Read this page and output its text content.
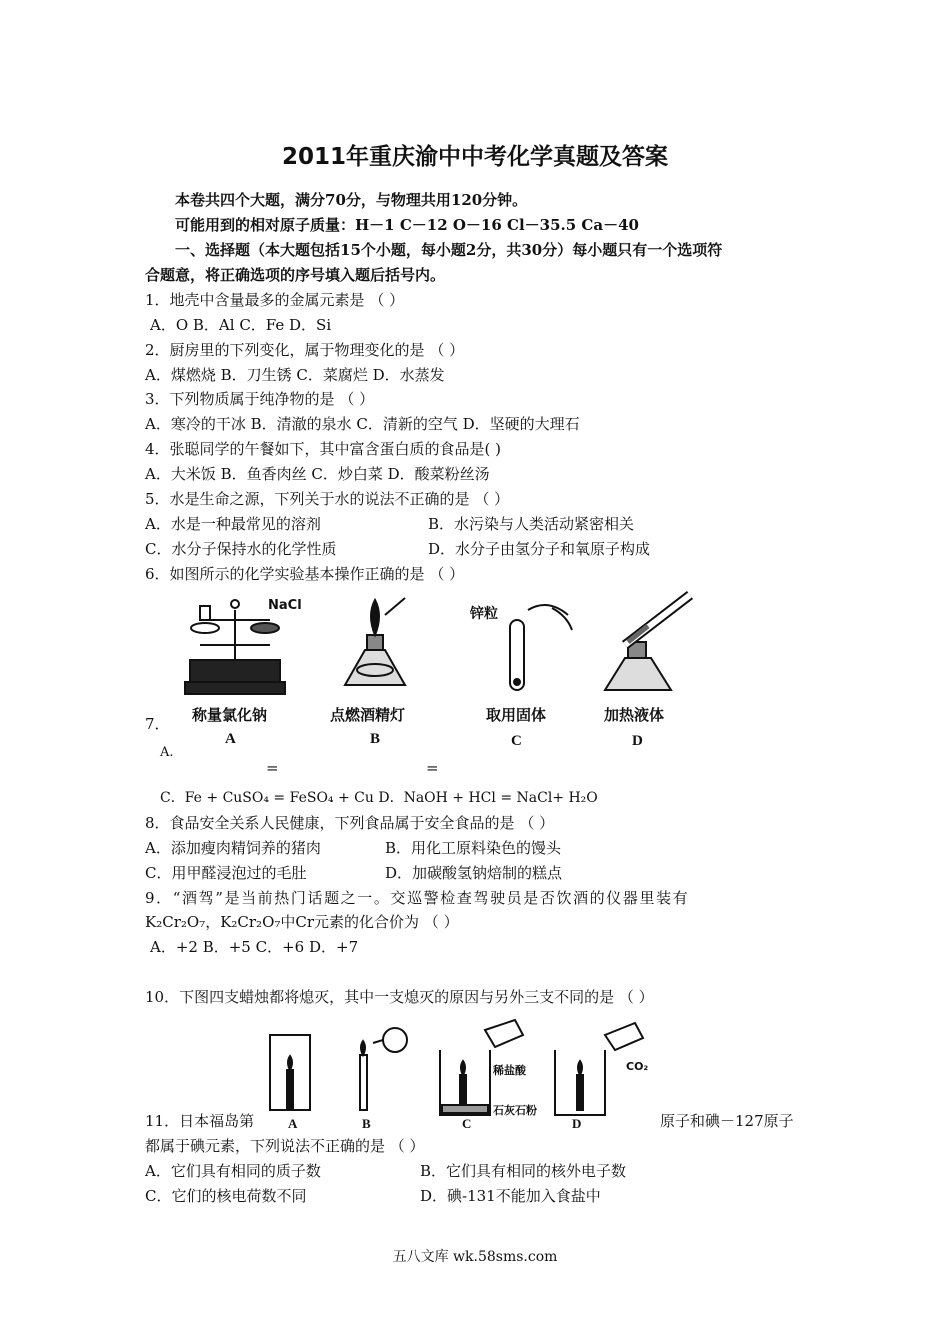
2011年重庆渝中中考化学真题及答案
本卷共四个大题，满分70分，与物理共用120分钟。
可能用到的相对原子质量：H－1 C－12 O－16 Cl－35.5 Ca－40
一、选择题（本大题包括15个小题，每小题2分，共30分）每小题只有一个选项符
合题意，将正确选项的序号填入题后括号内。
1．地壳中含量最多的金属元素是 （ ）
A．O B．Al C．Fe D．Si
2．厨房里的下列变化，属于物理变化的是 （ ）
A．煤燃烧 B．刀生锈 C．菜腐烂 D．水蒸发
3．下列物质属于纯净物的是 （ ）
A．寒冷的干冰 B．清澈的泉水 C．清新的空气 D．坚硬的大理石
4．张聪同学的午餐如下，其中富含蛋白质的食品是( )
A．大米饭 B．鱼香肉丝 C．炒白菜 D．酸菜粉丝汤
5．水是生命之源，下列关于水的说法不正确的是 （ ）
A．水是一种最常见的溶剂	B．水污染与人类活动紧密相关
C．水分子保持水的化学性质	D．水分子由氢分子和氧原子构成
6．如图所示的化学实验基本操作正确的是 （ ）
NaCl
锌粒
称量氯化钠	点燃酒精灯	取用固体	加热液体
A	B	C	D
7．
A.
=	=
C．Fe + CuSO₄ = FeSO₄ + Cu D．NaOH + HCl = NaCl+ H₂O
8．食品安全关系人民健康，下列食品属于安全食品的是 （ ）
A．添加瘦肉精饲养的猪肉	B．用化工原料染色的馒头
C．用甲醛浸泡过的毛肚	D．加碳酸氢钠焙制的糕点
9．“酒驾”是当前热门话题之一。交巡警检查驾驶员是否饮酒的仪器里装有
K₂Cr₂O₇，K₂Cr₂O₇中Cr元素的化合价为 （ ）
A．+2 B．+5 C．+6 D．+7
10．下图四支蜡烛都将熄灭，其中一支熄灭的原因与另外三支不同的是 （ ）
稀盐酸
石灰石粉
CO₂
A	B	C	D
11．日本福岛第	原子和碘－127原子
都属于碘元素，下列说法不正确的是 （ ）
A．它们具有相同的质子数	B．它们具有相同的核外电子数
C．它们的核电荷数不同	D．碘-131不能加入食盐中
五八文库 wk.58sms.com
